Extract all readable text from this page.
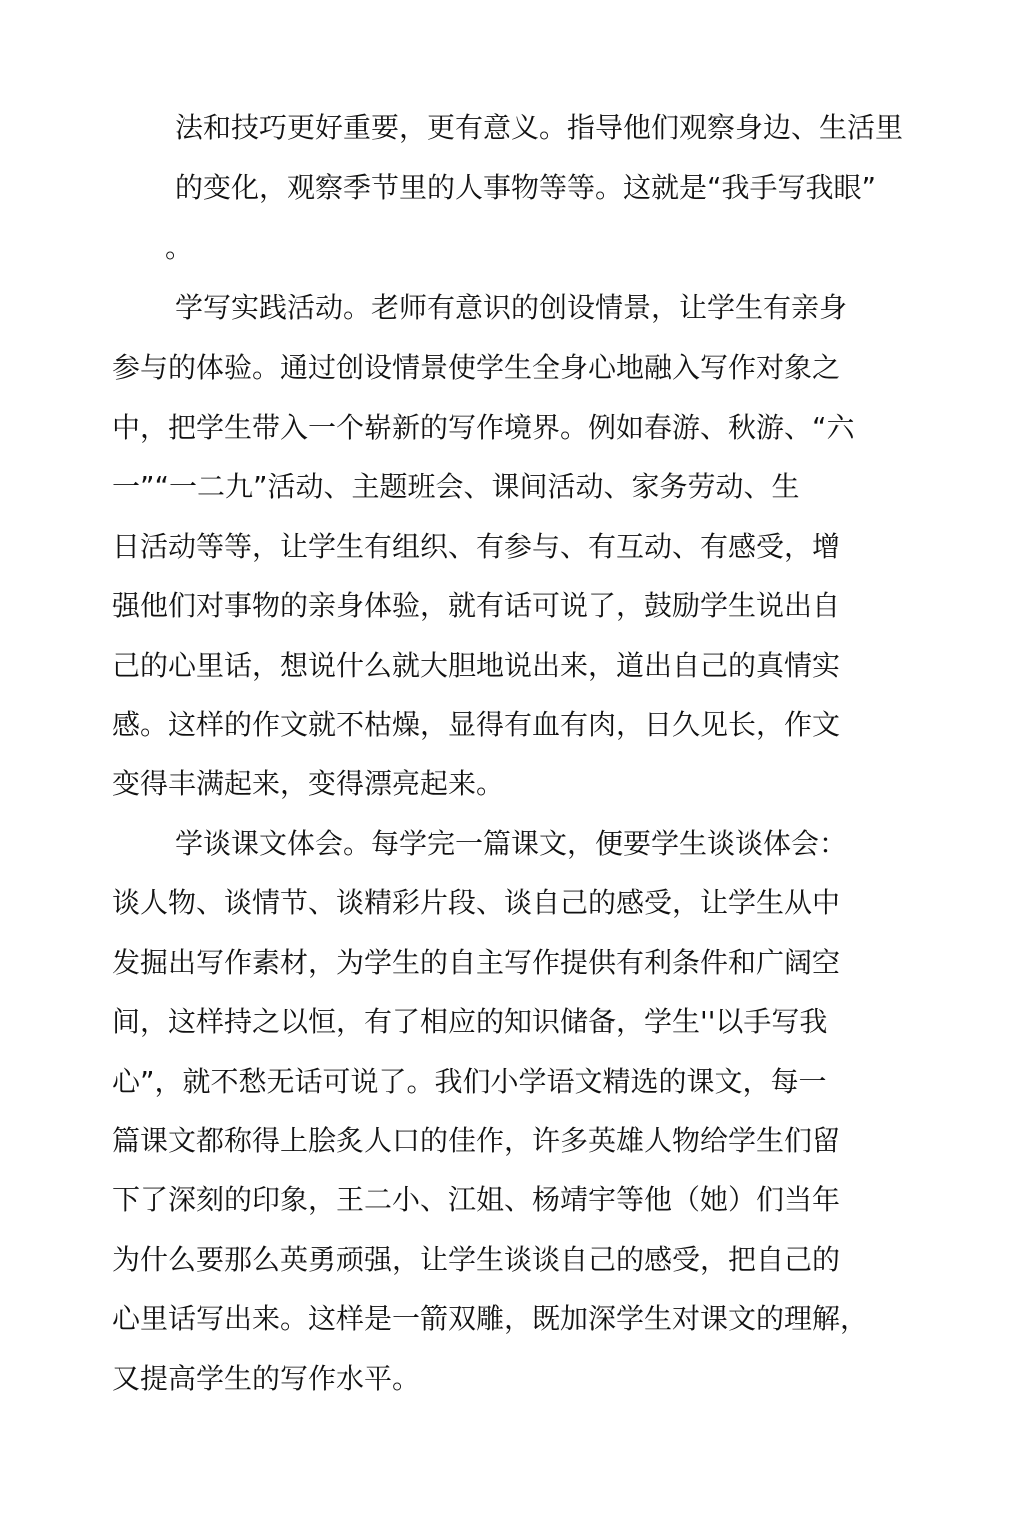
法和技巧更好重要，更有意义。指导他们观察身边、生活里
的变化，观察季节里的人事物等等。这就是“我手写我眼”
。
学写实践活动。老师有意识的创设情景，让学生有亲身
参与的体验。通过创设情景使学生全身心地融入写作对象之
中，把学生带入一个崭新的写作境界。例如春游、秋游、“六
一”“一二九”活动、主题班会、课间活动、家务劳动、生
日活动等等，让学生有组织、有参与、有互动、有感受，增
强他们对事物的亲身体验，就有话可说了，鼓励学生说出自
己的心里话，想说什么就大胆地说出来，道出自己的真情实
感。这样的作文就不枯燥，显得有血有肉，日久见长，作文
变得丰满起来，变得漂亮起来。
学谈课文体会。每学完一篇课文，便要学生谈谈体会：
谈人物、谈情节、谈精彩片段、谈自己的感受，让学生从中
发掘出写作素材，为学生的自主写作提供有利条件和广阔空
间，这样持之以恒，有了相应的知识储备，学生''以手写我
心”，就不愁无话可说了。我们小学语文精选的课文，每一
篇课文都称得上脍炙人口的佳作，许多英雄人物给学生们留
下了深刻的印象，王二小、江姐、杨靖宇等他（她）们当年
为什么要那么英勇顽强，让学生谈谈自己的感受，把自己的
心里话写出来。这样是一箭双雕，既加深学生对课文的理解，
又提高学生的写作水平。
